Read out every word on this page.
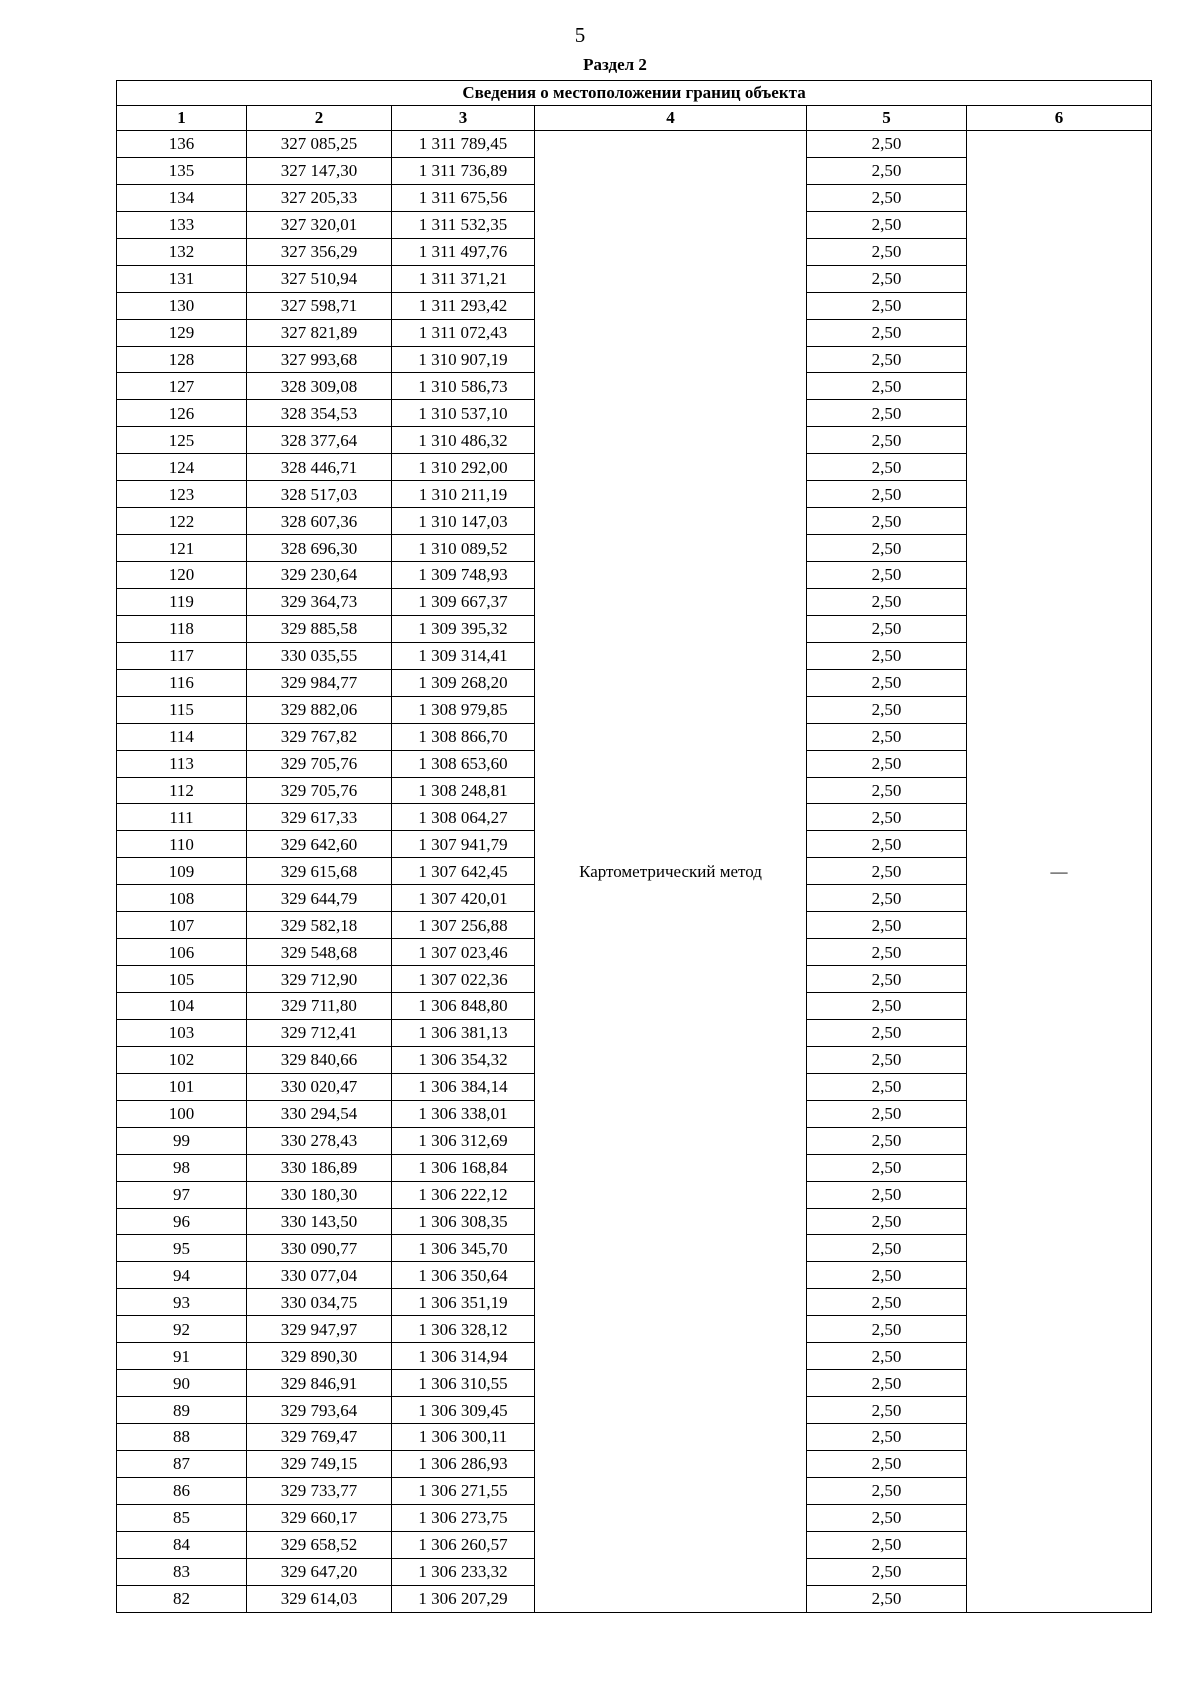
5
Раздел 2
Сведения о местоположении границ объекта					
1	2	3	4	5	6
136	327 085,25	1 311 789,45	Картометрический метод	2,50	—
135	327 147,30	1 311 736,89		2,50	
134	327 205,33	1 311 675,56		2,50	
133	327 320,01	1 311 532,35		2,50	
132	327 356,29	1 311 497,76		2,50	
131	327 510,94	1 311 371,21		2,50	
130	327 598,71	1 311 293,42		2,50	
129	327 821,89	1 311 072,43		2,50	
128	327 993,68	1 310 907,19		2,50	
127	328 309,08	1 310 586,73		2,50	
126	328 354,53	1 310 537,10		2,50	
125	328 377,64	1 310 486,32		2,50	
124	328 446,71	1 310 292,00		2,50	
123	328 517,03	1 310 211,19		2,50	
122	328 607,36	1 310 147,03		2,50	
121	328 696,30	1 310 089,52		2,50	
120	329 230,64	1 309 748,93		2,50	
119	329 364,73	1 309 667,37		2,50	
118	329 885,58	1 309 395,32		2,50	
117	330 035,55	1 309 314,41		2,50	
116	329 984,77	1 309 268,20		2,50	
115	329 882,06	1 308 979,85		2,50	
114	329 767,82	1 308 866,70		2,50	
113	329 705,76	1 308 653,60		2,50	
112	329 705,76	1 308 248,81		2,50	
111	329 617,33	1 308 064,27		2,50	
110	329 642,60	1 307 941,79		2,50	
109	329 615,68	1 307 642,45		2,50	
108	329 644,79	1 307 420,01		2,50	
107	329 582,18	1 307 256,88		2,50	
106	329 548,68	1 307 023,46		2,50	
105	329 712,90	1 307 022,36		2,50	
104	329 711,80	1 306 848,80		2,50	
103	329 712,41	1 306 381,13		2,50	
102	329 840,66	1 306 354,32		2,50	
101	330 020,47	1 306 384,14		2,50	
100	330 294,54	1 306 338,01		2,50	
99	330 278,43	1 306 312,69		2,50	
98	330 186,89	1 306 168,84		2,50	
97	330 180,30	1 306 222,12		2,50	
96	330 143,50	1 306 308,35		2,50	
95	330 090,77	1 306 345,70		2,50	
94	330 077,04	1 306 350,64		2,50	
93	330 034,75	1 306 351,19		2,50	
92	329 947,97	1 306 328,12		2,50	
91	329 890,30	1 306 314,94		2,50	
90	329 846,91	1 306 310,55		2,50	
89	329 793,64	1 306 309,45		2,50	
88	329 769,47	1 306 300,11		2,50	
87	329 749,15	1 306 286,93		2,50	
86	329 733,77	1 306 271,55		2,50	
85	329 660,17	1 306 273,75		2,50	
84	329 658,52	1 306 260,57		2,50	
83	329 647,20	1 306 233,32		2,50	
82	329 614,03	1 306 207,29		2,50	
